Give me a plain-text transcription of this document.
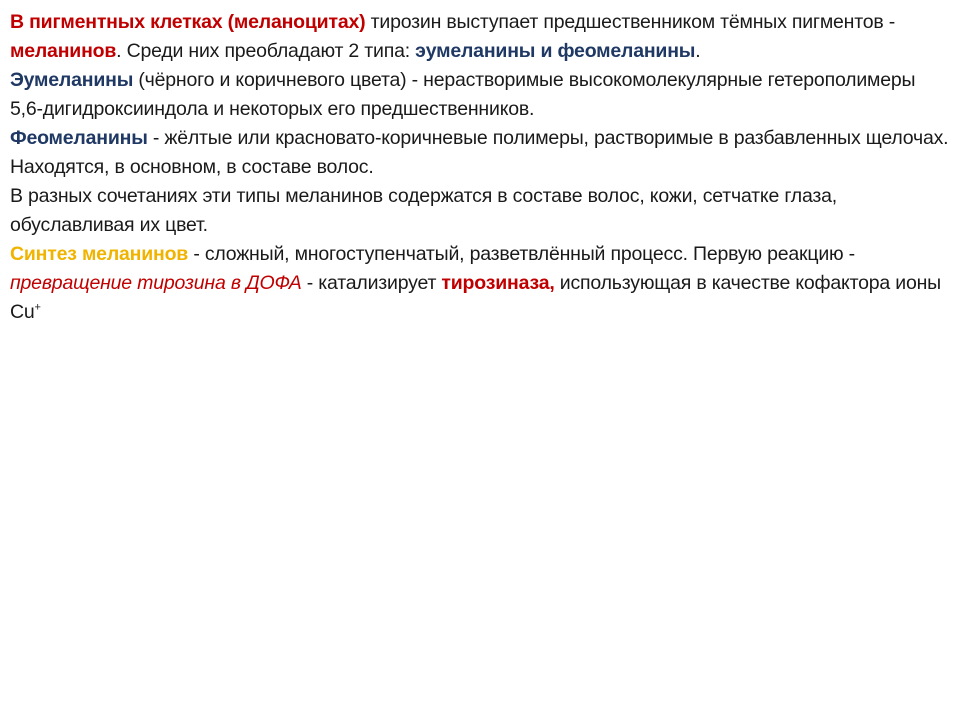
В пигментных клетках (меланоцитах) тирозин выступает предшественником тёмных пигментов - меланинов. Среди них преобладают 2 типа: эумеланины и феомеланины.

Эумеланины (чёрного и коричневого цвета) - нерастворимые высокомолекулярные гетерополимеры 5,6-дигидроксииндола и некоторых его предшественников.

Феомеланины - жёлтые или красновато-коричневые полимеры, растворимые в разбавленных щелочах. Находятся, в основном, в составе волос.

В разных сочетаниях эти типы меланинов содержатся в составе волос, кожи, сетчатке глаза, обуславливая их цвет.

Синтез меланинов - сложный, многоступенчатый, разветвлённый процесс. Первую реакцию - превращение тирозина в ДОФА - катализирует тирозиназа, использующая в качестве кофактора ионы Cu+
